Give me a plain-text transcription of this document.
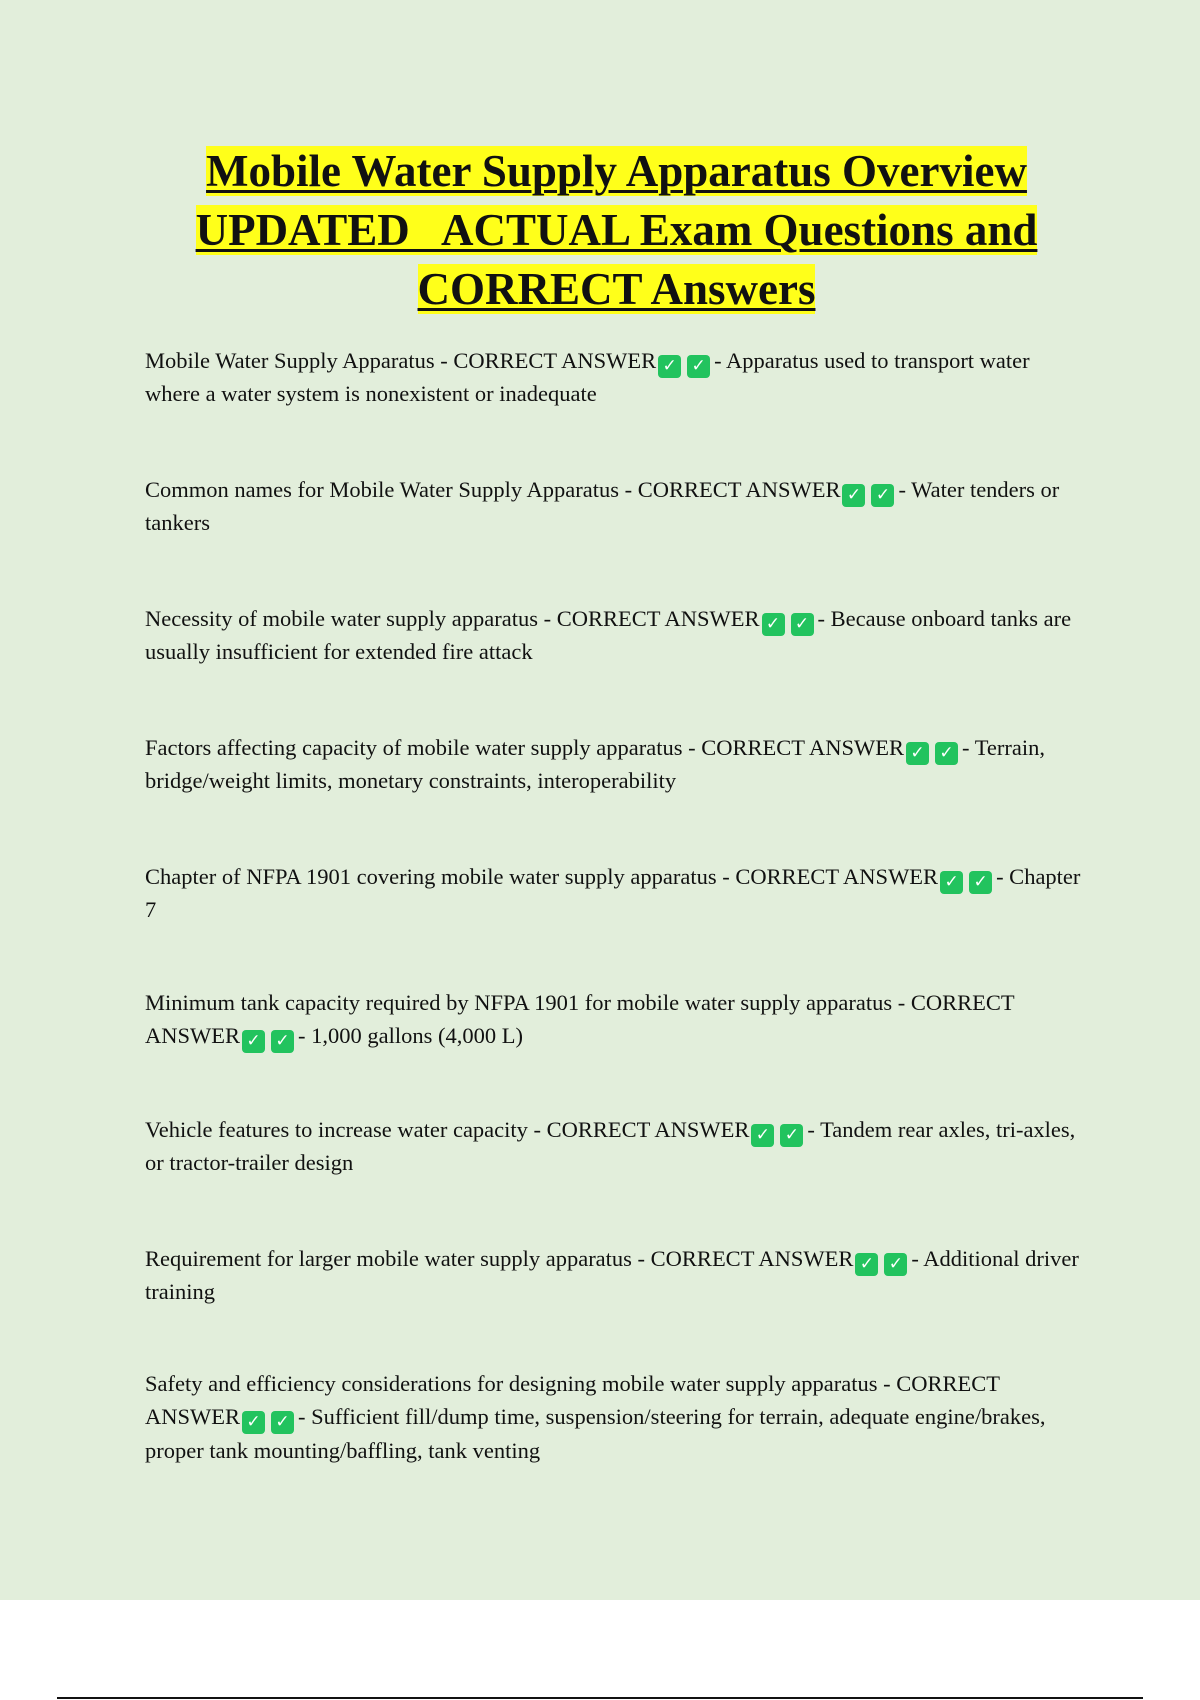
Mobile Water Supply Apparatus Overview
UPDATED   ACTUAL Exam Questions and
CORRECT Answers

Mobile Water Supply Apparatus - CORRECT ANSWER ✓ ✓ - Apparatus used to transport water where a water system is nonexistent or inadequate

Common names for Mobile Water Supply Apparatus - CORRECT ANSWER ✓ ✓ - Water tenders or tankers

Necessity of mobile water supply apparatus - CORRECT ANSWER ✓ ✓ - Because onboard tanks are usually insufficient for extended fire attack

Factors affecting capacity of mobile water supply apparatus - CORRECT ANSWER ✓ ✓ - Terrain, bridge/weight limits, monetary constraints, interoperability

Chapter of NFPA 1901 covering mobile water supply apparatus - CORRECT ANSWER ✓ ✓ - Chapter 7

Minimum tank capacity required by NFPA 1901 for mobile water supply apparatus - CORRECT ANSWER ✓ ✓ - 1,000 gallons (4,000 L)

Vehicle features to increase water capacity - CORRECT ANSWER ✓ ✓ - Tandem rear axles, tri-axles, or tractor-trailer design

Requirement for larger mobile water supply apparatus - CORRECT ANSWER ✓ ✓ - Additional driver training

Safety and efficiency considerations for designing mobile water supply apparatus - CORRECT ANSWER ✓ ✓ - Sufficient fill/dump time, suspension/steering for terrain, adequate engine/brakes, proper tank mounting/baffling, tank venting
